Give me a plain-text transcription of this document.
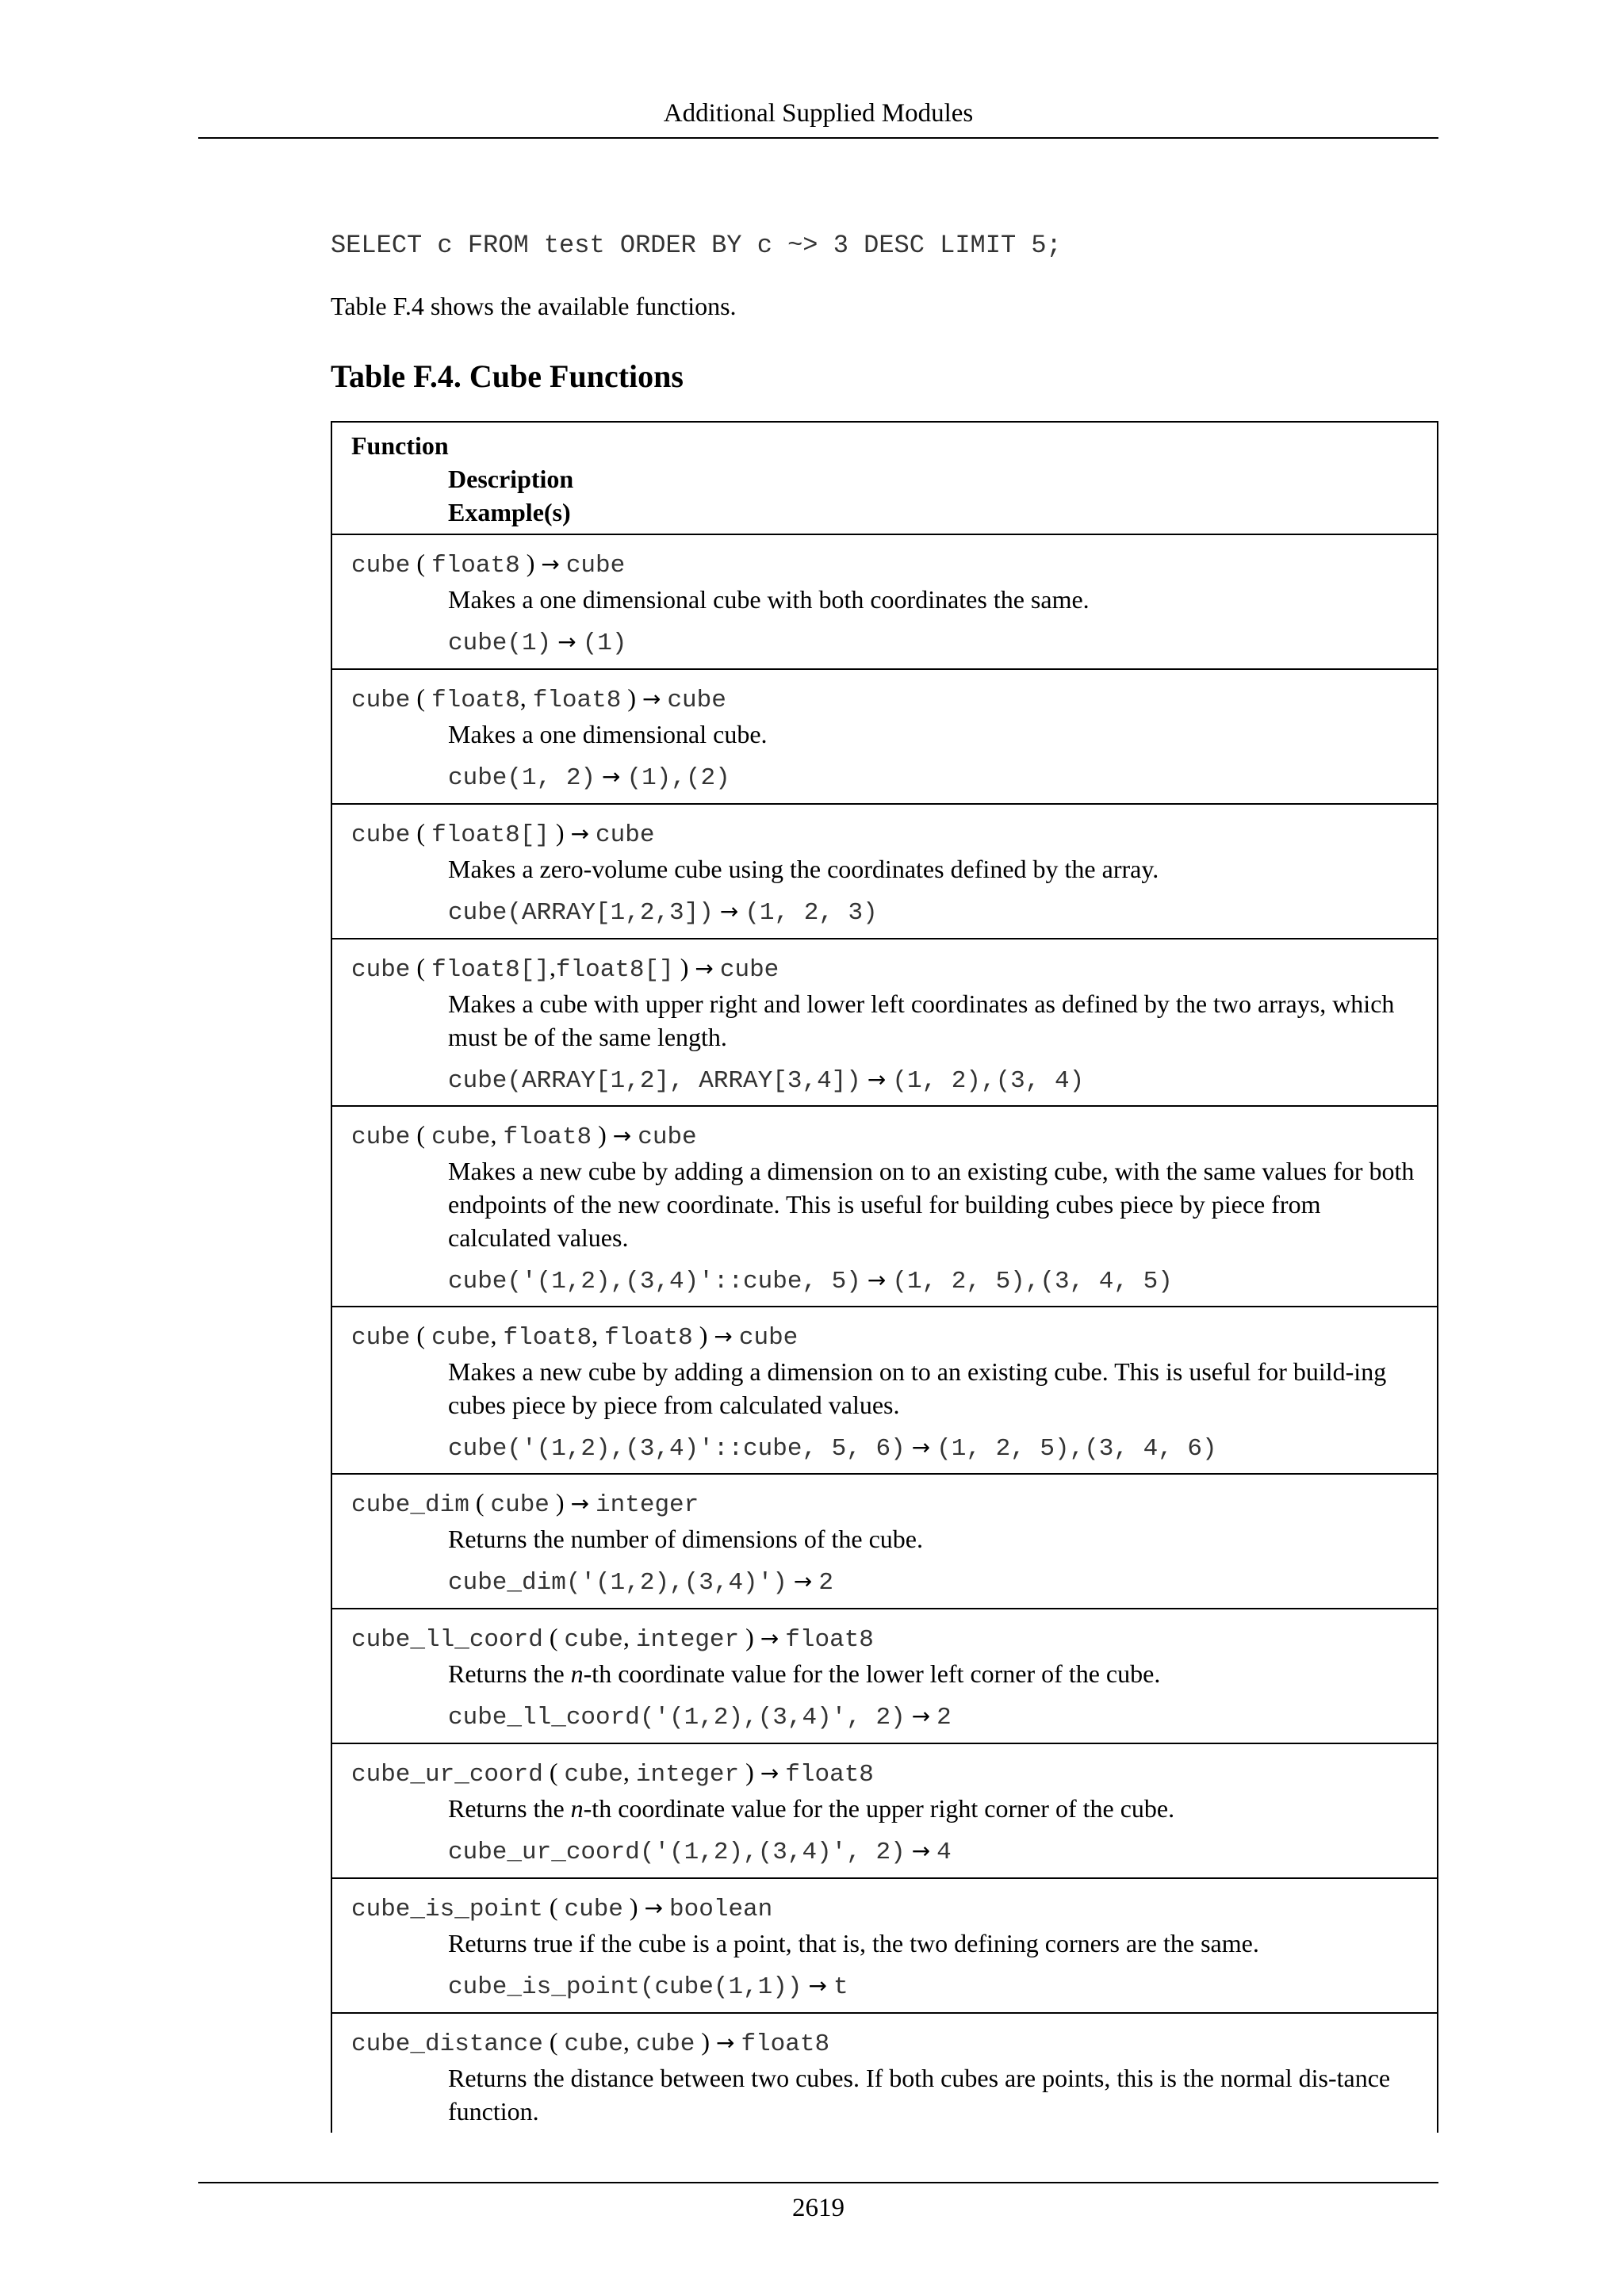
Additional Supplied Modules
SELECT c FROM test ORDER BY c ~> 3 DESC LIMIT 5;
Table F.4 shows the available functions.
Table F.4. Cube Functions
Function
Description
Example(s)
cube ( float8 ) → cube
Makes a one dimensional cube with both coordinates the same.
cube(1) → (1)
cube ( float8, float8 ) → cube
Makes a one dimensional cube.
cube(1, 2) → (1),(2)
cube ( float8[] ) → cube
Makes a zero-volume cube using the coordinates defined by the array.
cube(ARRAY[1,2,3]) → (1, 2, 3)
cube ( float8[],float8[] ) → cube
Makes a cube with upper right and lower left coordinates as defined by the two arrays, which must be of the same length.
cube(ARRAY[1,2], ARRAY[3,4]) → (1, 2),(3, 4)
cube ( cube, float8 ) → cube
Makes a new cube by adding a dimension on to an existing cube, with the same values for both endpoints of the new coordinate. This is useful for building cubes piece by piece from calculated values.
cube('(1,2),(3,4)'::cube, 5) → (1, 2, 5),(3, 4, 5)
cube ( cube, float8, float8 ) → cube
Makes a new cube by adding a dimension on to an existing cube. This is useful for build-ing cubes piece by piece from calculated values.
cube('(1,2),(3,4)'::cube, 5, 6) → (1, 2, 5),(3, 4, 6)
cube_dim ( cube ) → integer
Returns the number of dimensions of the cube.
cube_dim('(1,2),(3,4)') → 2
cube_ll_coord ( cube, integer ) → float8
Returns the n-th coordinate value for the lower left corner of the cube.
cube_ll_coord('(1,2),(3,4)', 2) → 2
cube_ur_coord ( cube, integer ) → float8
Returns the n-th coordinate value for the upper right corner of the cube.
cube_ur_coord('(1,2),(3,4)', 2) → 4
cube_is_point ( cube ) → boolean
Returns true if the cube is a point, that is, the two defining corners are the same.
cube_is_point(cube(1,1)) → t
cube_distance ( cube, cube ) → float8
Returns the distance between two cubes. If both cubes are points, this is the normal dis-tance function.
2619
